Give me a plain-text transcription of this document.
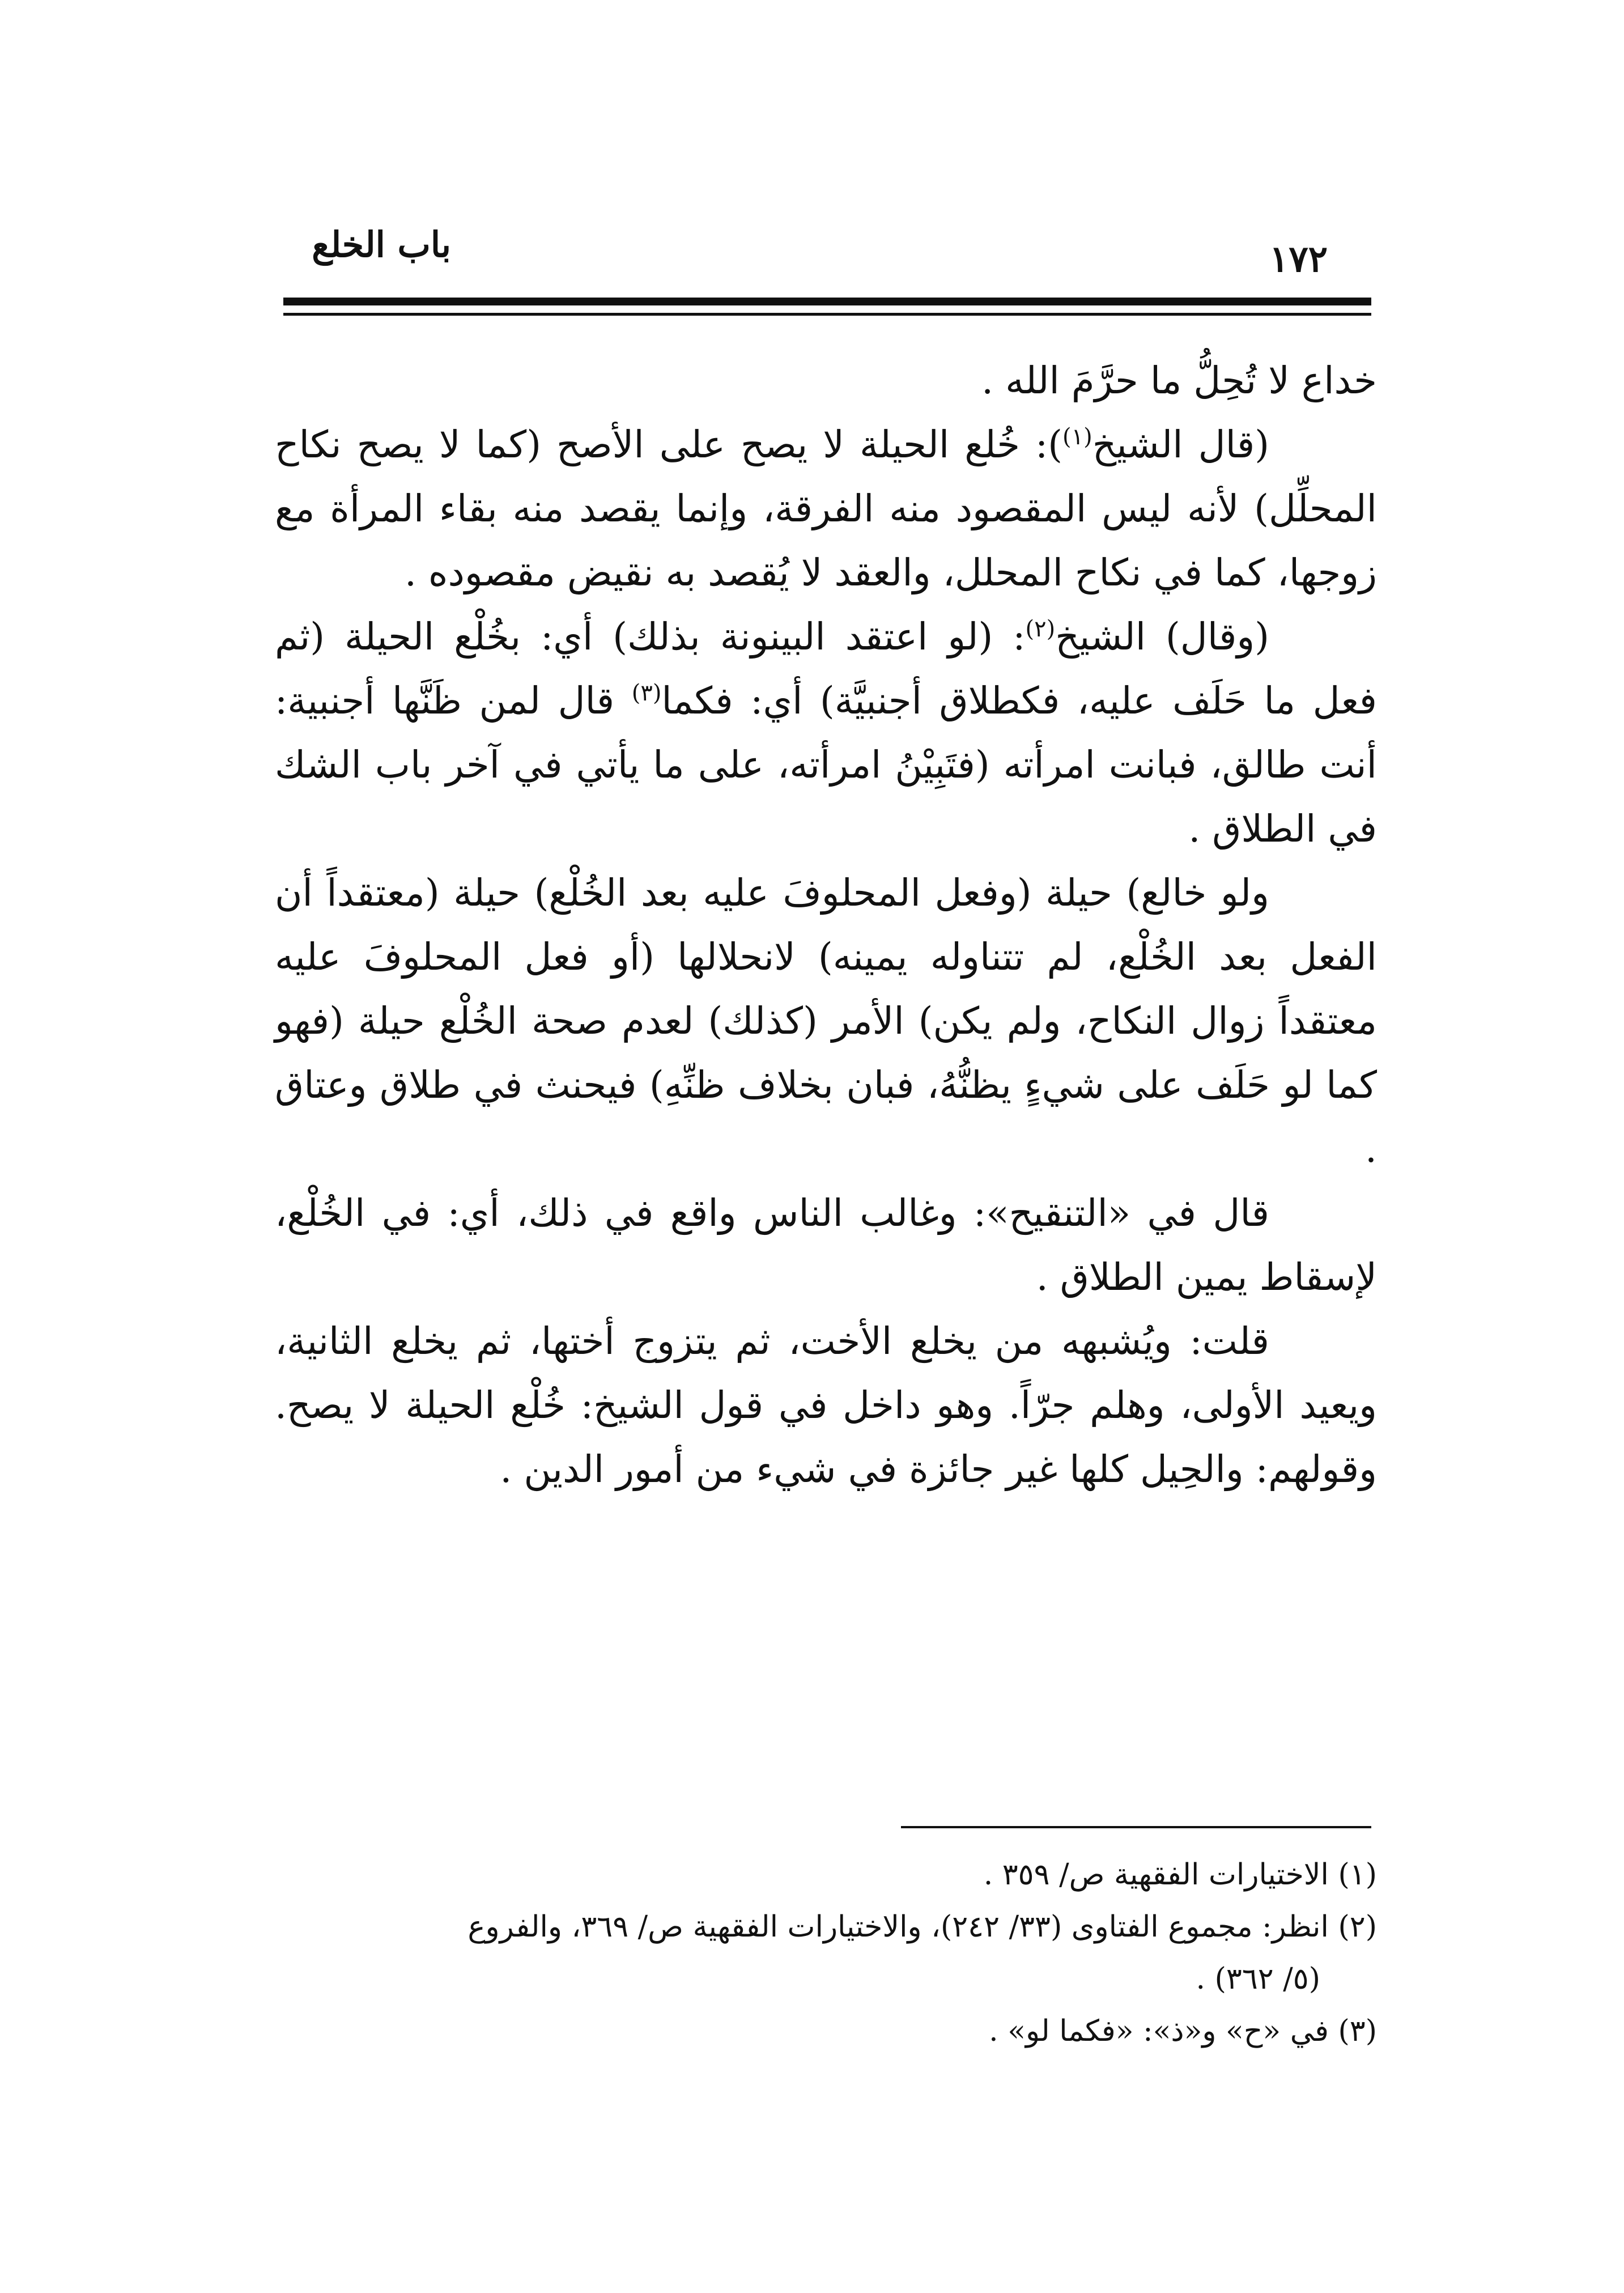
باب الخلع	١٧٢

خداع لا تُحِلُّ ما حرَّمَ الله .

(قال الشيخ$^{(١)}$): خُلع الحيلة لا يصح على الأصح (كما لا يصح نكاح المحلِّل) لأنه ليس المقصود منه الفرقة، وإنما يقصد منه بقاء المرأة مع زوجها، كما في نكاح المحلل، والعقد لا يُقصد به نقيض مقصوده .

(وقال) الشيخ$^{(٢)}$: (لو اعتقد البينونة بذلك) أي: بخُلْع الحيلة (ثم فعل ما حَلَف عليه، فكطلاق أجنبيَّة) أي: فكما$^{(٣)}$ قال لمن ظَنَّها أجنبية: أنت طالق، فبانت امرأته (فتَبِيْنُ امرأته، على ما يأتي في آخر باب الشك في الطلاق .

ولو خالع) حيلة (وفعل المحلوفَ عليه بعد الخُلْع) حيلة (معتقداً أن الفعل بعد الخُلْع، لم تتناوله يمينه) لانحلالها (أو فعل المحلوفَ عليه معتقداً زوال النكاح، ولم يكن) الأمر (كذلك) لعدم صحة الخُلْع حيلة (فهو كما لو حَلَف على شيءٍ يظنُّهُ، فبان بخلاف ظنِّهِ) فيحنث في طلاق وعتاق .

قال في «التنقيح»: وغالب الناس واقع في ذلك، أي: في الخُلْع، لإسقاط يمين الطلاق .

قلت: ويُشبهه من يخلع الأخت، ثم يتزوج أختها، ثم يخلع الثانية، ويعيد الأولى، وهلم جرّاً. وهو داخل في قول الشيخ: خُلْع الحيلة لا يصح. وقولهم: والحِيل كلها غير جائزة في شيء من أمور الدين .

(١) الاختيارات الفقهية ص/ ٣٥٩ .

(٢) انظر: مجموع الفتاوى (٣٣/ ٢٤٢)، والاختيارات الفقهية ص/ ٣٦٩، والفروع

(٥/ ٣٦٢) .

(٣) في «ح» و«ذ»: «فكما لو» .
